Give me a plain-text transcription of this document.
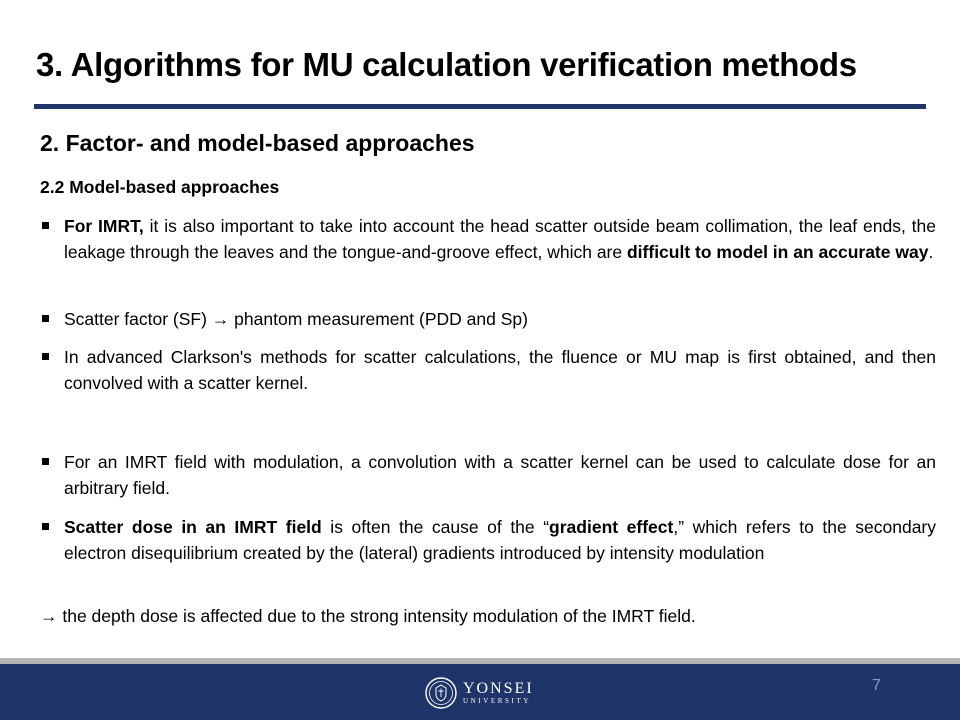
3. Algorithms for MU calculation verification methods
2. Factor- and model-based approaches
2.2 Model-based approaches
For IMRT, it is also important to take into account the head scatter outside beam collimation, the leaf ends, the leakage through the leaves and the tongue-and-groove effect, which are difficult to model in an accurate way.
Scatter factor (SF) → phantom measurement (PDD and Sp)
In advanced Clarkson's methods for scatter calculations, the fluence or MU map is first obtained, and then convolved with a scatter kernel.
For an IMRT field with modulation, a convolution with a scatter kernel can be used to calculate dose for an arbitrary field.
Scatter dose in an IMRT field is often the cause of the “gradient effect,” which refers to the secondary electron disequilibrium created by the (lateral) gradients introduced by intensity modulation
→ the depth dose is affected due to the strong intensity modulation of the IMRT field.
YONSEI
UNIVERSITY
7
